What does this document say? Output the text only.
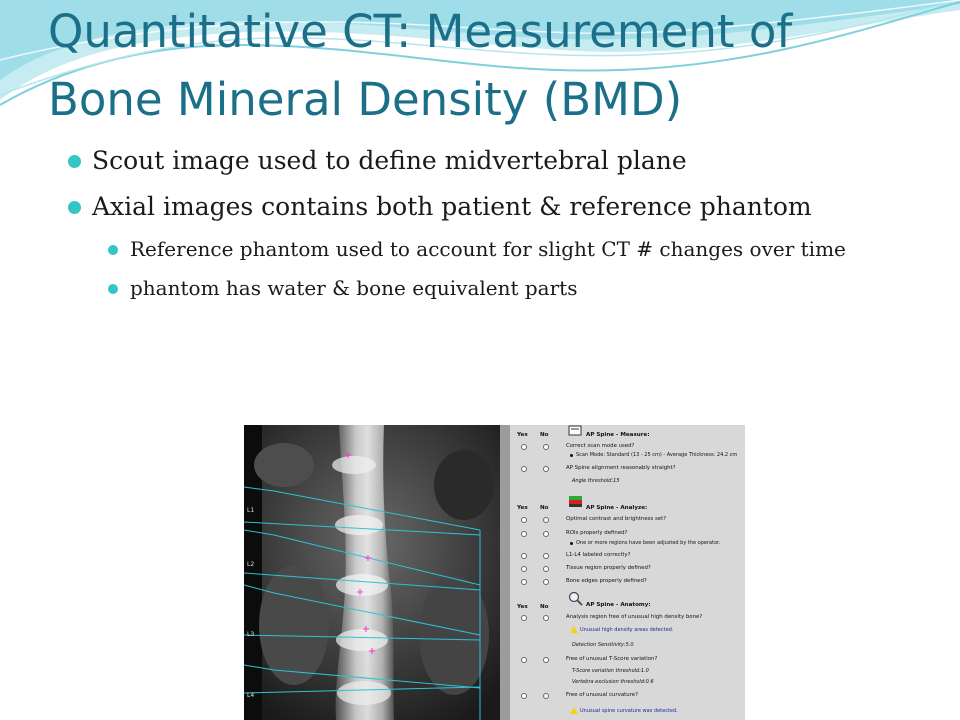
Quantitative CT: Measurement of
Bone Mineral Density (BMD)
Scout image used to define midvertebral plane
Axial images contains both patient & reference phantom
Reference phantom used to account for slight CT # changes over time
phantom has water & bone equivalent parts
L1
L2
L3
L4
Yes No	AP Spine - Measure:
Correct scan mode used?
Scan Mode: Standard (13 - 25 cm) - Average Thickness: 24.2 cm
AP Spine alignment reasonably straight?
Angle threshold:15
Yes No	AP Spine - Analyze:
Optimal contrast and brightness set?
ROIs properly defined?
One or more regions have been adjusted by the operator.
L1-L4 labeled correctly?
Tissue region properly defined?
Bone edges properly defined?
Yes No	AP Spine - Anatomy:
Analysis region free of unusual high density bone?
Unusual high density areas detected.
Detection Sensitivity:5.0
Free of unusual T-Score variation?
T-Score variation threshold:1.0
Vertebra exclusion threshold:0.6
Free of unusual curvature?
Unusual spine curvature was detected.
